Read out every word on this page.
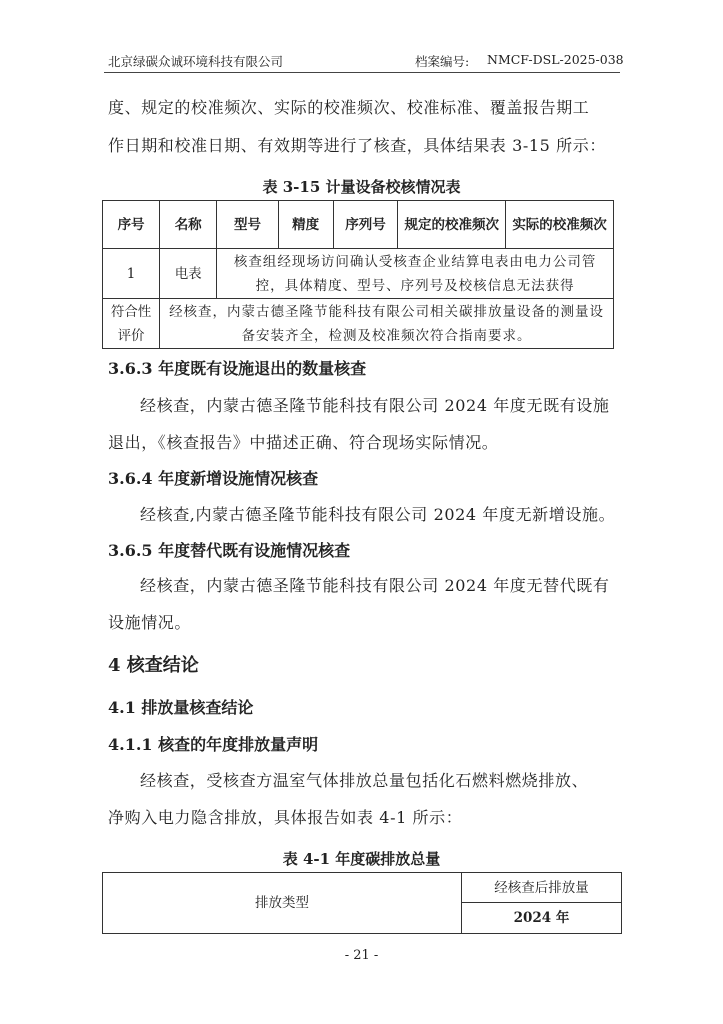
北京绿碳众诚环境科技有限公司	档案编号: NMCF-DSL-2025-038
度、规定的校准频次、实际的校准频次、校准标准、覆盖报告期工
作日期和校准日期、有效期等进行了核查，具体结果表 3-15 所示：
表 3-15 计量设备校核情况表
序号	名称	型号	精度	序列号	规定的校准频次	实际的校准频次
1	电表	核查组经现场访问确认受核查企业结算电表由电力公司管控，具体精度、型号、序列号及校核信息无法获得				
符合性评价	经核查，内蒙古德圣隆节能科技有限公司相关碳排放量设备的测量设备安装齐全，检测及校准频次符合指南要求。					
3.6.3 年度既有设施退出的数量核查
经核查，内蒙古德圣隆节能科技有限公司 2024 年度无既有设施
退出，《核查报告》中描述正确、符合现场实际情况。
3.6.4 年度新增设施情况核查
经核查,内蒙古德圣隆节能科技有限公司 2024 年度无新增设施。
3.6.5 年度替代既有设施情况核查
经核查，内蒙古德圣隆节能科技有限公司 2024 年度无替代既有
设施情况。
4 核查结论
4.1 排放量核查结论
4.1.1 核查的年度排放量声明
经核查，受核查方温室气体排放总量包括化石燃料燃烧排放、
净购入电力隐含排放，具体报告如表 4-1 所示：
表 4-1 年度碳排放总量
排放类型	经核查后排放量
2024 年
- 21 -
